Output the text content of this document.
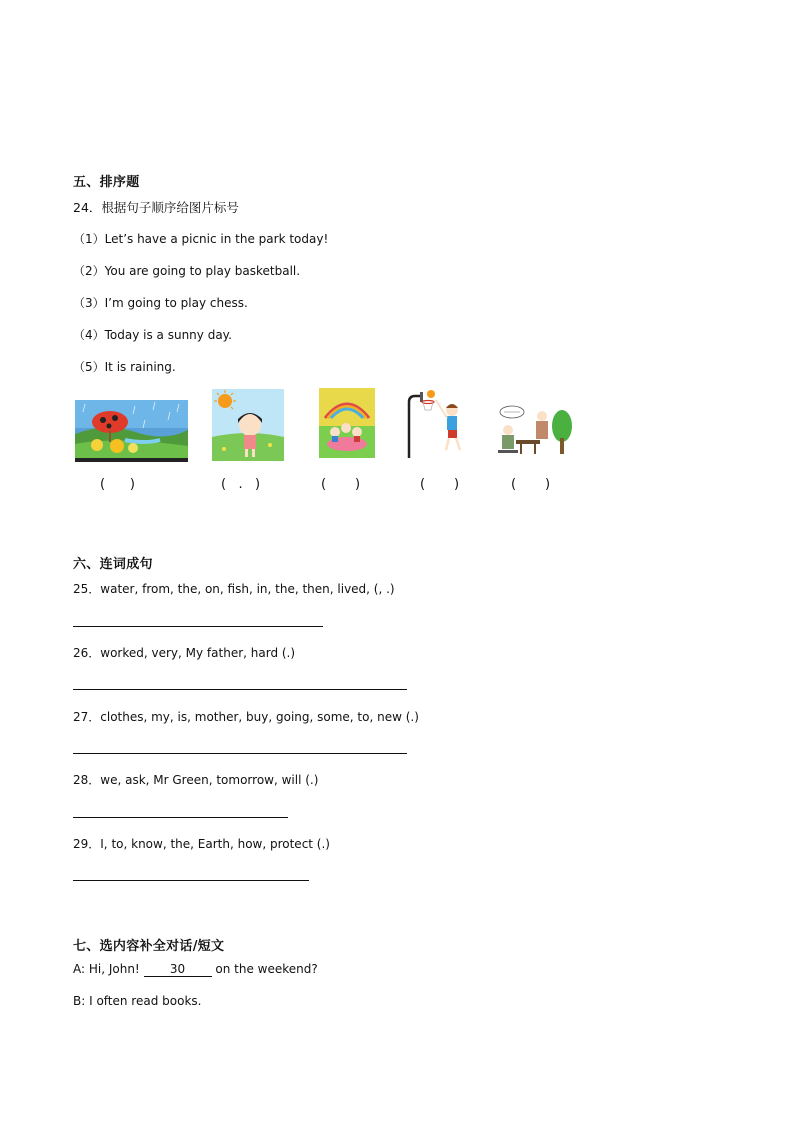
五、排序题
24．根据句子顺序给图片标号
（1）Let’s have a picnic in the park today!
（2）You are going to play basketball.
（3）I’m going to play chess.
（4）Today is a sunny day.
（5）It is raining.
(      )	(   .   )	(       )	(       )	(       )
六、连词成句
25．water, from, the, on, fish, in, the, then, lived, (, .)
26．worked, very, My father, hard (.)
27．clothes, my, is, mother, buy, going, some, to, new (.)
28．we, ask, Mr Green, tomorrow, will (.)
29．I, to, know, the, Earth, how, protect (.)
七、选内容补全对话/短文
A: Hi, John! 30 on the weekend?
B: I often read books.
